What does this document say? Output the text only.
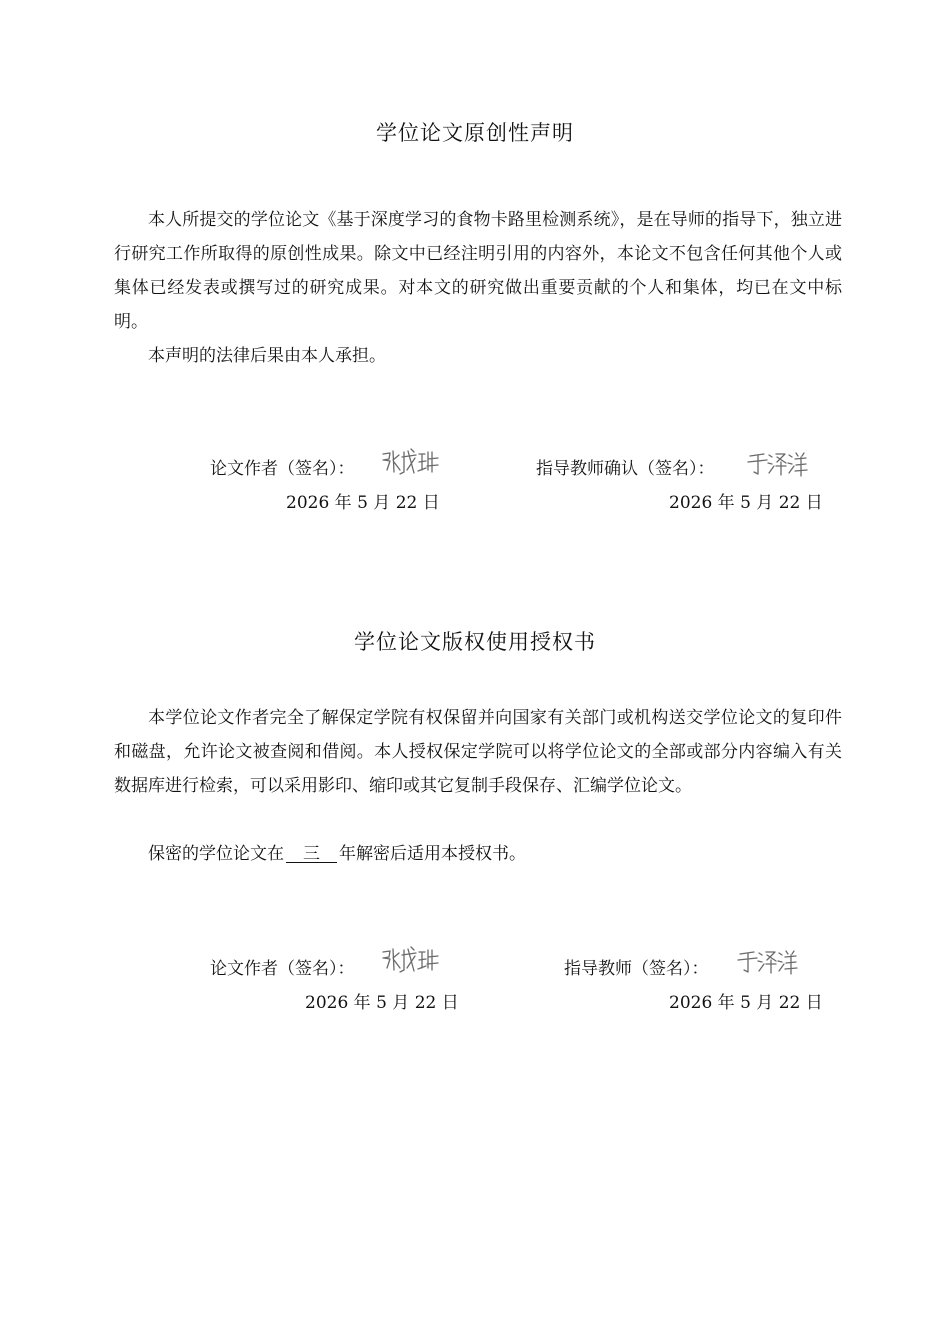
学位论文原创性声明

本人所提交的学位论文《基于深度学习的食物卡路里检测系统》，是在导师的指导下，独立进行研究工作所取得的原创性成果。除文中已经注明引用的内容外，本论文不包含任何其他个人或集体已经发表或撰写过的研究成果。对本文的研究做出重要贡献的个人和集体，均已在文中标明。

本声明的法律后果由本人承担。

论文作者（签名）：
2026 年 5 月 22 日
指导教师确认（签名）：
2026 年 5 月 22 日
学位论文版权使用授权书

本学位论文作者完全了解保定学院有权保留并向国家有关部门或机构送交学位论文的复印件和磁盘，允许论文被查阅和借阅。本人授权保定学院可以将学位论文的全部或部分内容编入有关数据库进行检索，可以采用影印、缩印或其它复制手段保存、汇编学位论文。

保密的学位论文在　三　年解密后适用本授权书。

论文作者（签名）：
2026 年 5 月 22 日
指导教师（签名）：
2026 年 5 月 22 日
